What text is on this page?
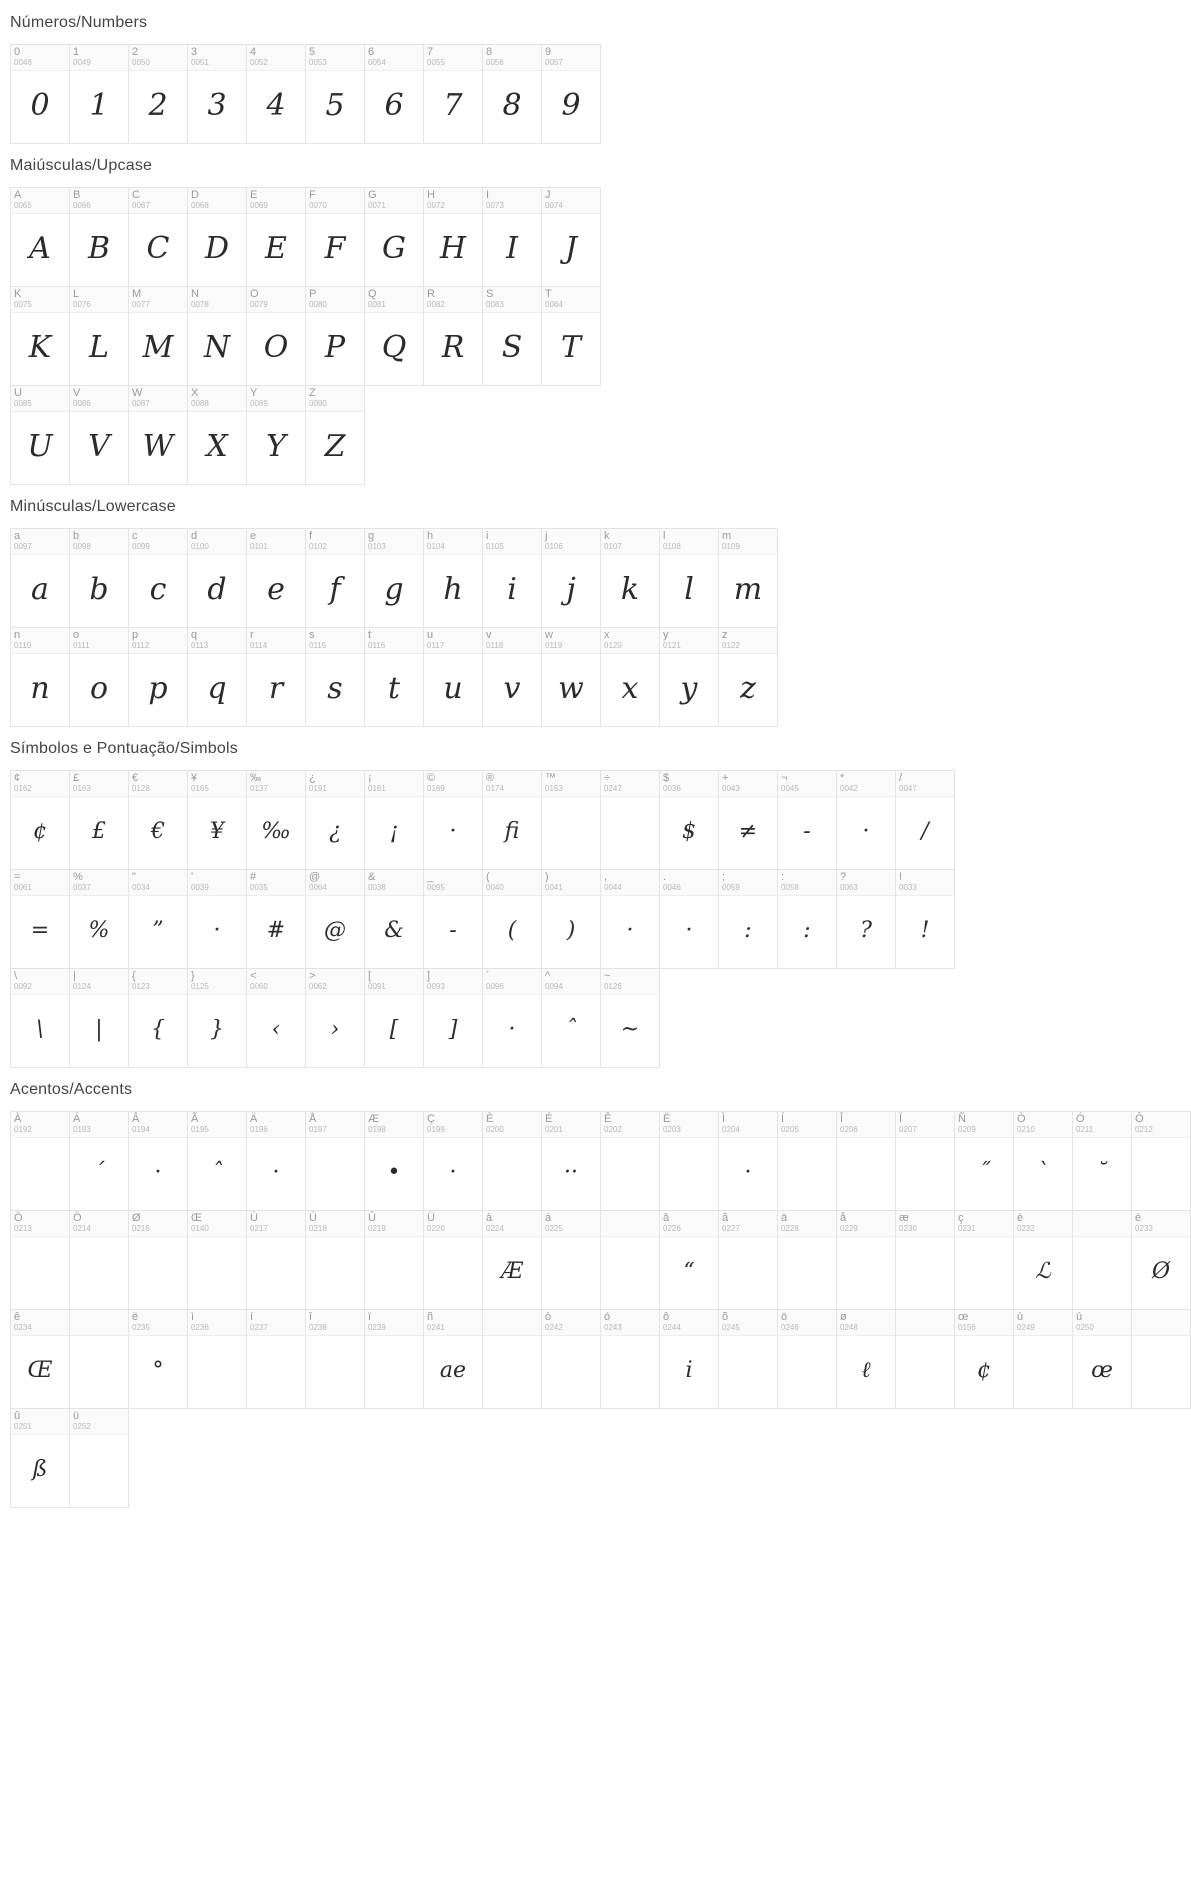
Números/Numbers
0
0048
0
1
0049
1
2
0050
2
3
0051
3
4
0052
4
5
0053
5
6
0054
6
7
0055
7
8
0056
8
9
0057
9
Maiúsculas/Upcase
A
0065
A
B
0066
B
C
0067
C
D
0068
D
E
0069
E
F
0070
F
G
0071
G
H
0072
H
I
0073
I
J
0074
J
K
0075
K
L
0076
L
M
0077
M
N
0078
N
O
0079
O
P
0080
P
Q
0081
Q
R
0082
R
S
0083
S
T
0084
T
U
0085
U
V
0086
V
W
0087
W
X
0088
X
Y
0089
Y
Z
0090
Z
Minúsculas/Lowercase
a
0097
a
b
0098
b
c
0099
c
d
0100
d
e
0101
e
f
0102
f
g
0103
g
h
0104
h
i
0105
i
j
0106
j
k
0107
k
l
0108
l
m
0109
m
n
0110
n
o
0111
o
p
0112
p
q
0113
q
r
0114
r
s
0115
s
t
0116
t
u
0117
u
v
0118
v
w
0119
w
x
0120
x
y
0121
y
z
0122
z
Símbolos e Pontuação/Simbols
¢
0162
¢
£
0163
£
€
0128
€
¥
0165
¥
‰
0137
‰
¿
0191
¿
¡
0161
¡
©
0169
·
®
0174
fi
™
0153
÷
0247
$
0036
$
+
0043
≠
¬
0045
-
*
0042
·
/
0047
/
=
0061
=
%
0037
%
"
0034
”
'
0039
·
#
0035
#
@
0064
@
&
0038
&
_
0095
-
(
0040
(
)
0041
)
,
0044
·
.
0046
·
;
0059
:
:
0058
:
?
0063
?
!
0033
!
\
0092
\
|
0124
|
{
0123
{
}
0125
}
<
0060
‹
>
0062
›
[
0091
[
]
0093
]
´
0096
·
^
0094
ˆ
~
0126
~
Acentos/Accents
À
0192
Á
0193
´
Â
0194
·
Ã
0195
ˆ
Ä
0196
·
Å
0197
Æ
0198
•
Ç
0199
·
È
0200
É
0201
··
Ê
0202
Ë
0203
Ì
0204
·
Í
0205
Î
0206
Ï
0207
Ñ
0209
˝
Ò
0210
ˋ
Ó
0211
˘
Ô
0212
Ö
0213
Ö
0214
Ø
0216
Œ
0140
Ù
0217
Ú
0218
Û
0219
Ü
0220
à
0224
Æ
á
0225
â
0226
“
ã
0227
ä
0228
å
0229
æ
0230
ç
0231
è
0232
ℒ
é
0233
Ø
ê
0234
Œ
ë
0235
°
ì
0236
í
0237
î
0238
ï
0239
ñ
0241
ae
ò
0242
ó
0243
ô
0244
i
õ
0245
ö
0246
ø
0248
ℓ
œ
0156
¢
ù
0249
ú
0250
œ
û
0251
ß
ü
0252
